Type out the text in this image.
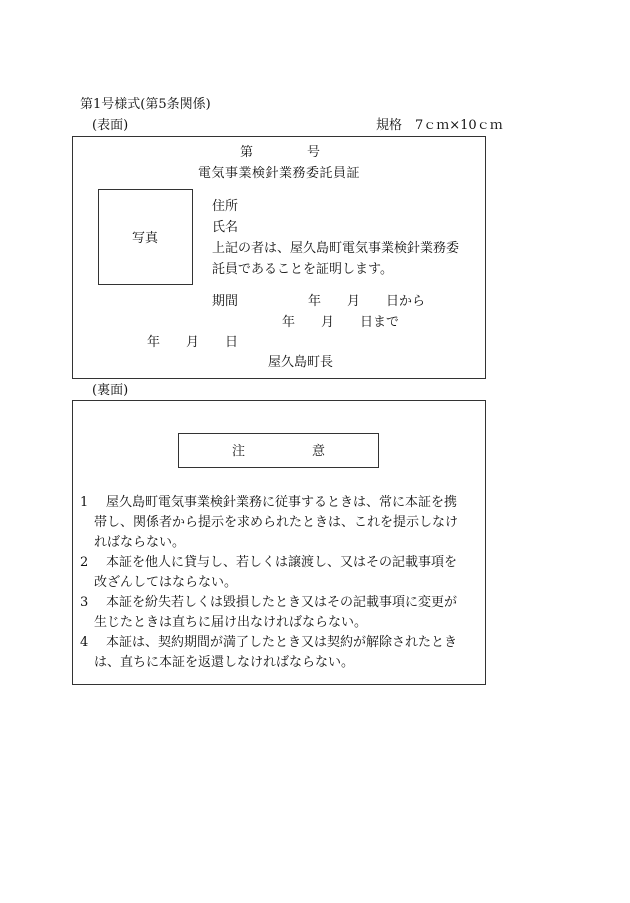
第1号様式(第5条関係)
(表面)	規格　7ｃｍ×10ｃｍ
第	号
電気事業検針業務委託員証
写真
住所
氏名
上記の者は、屋久島町電気事業検針業務委
託員であることを証明します。
期間	年　　月　　日から
年　　月　　日まで
年　　月　　日
屋久島町長
(裏面)
注	意
1 屋久島町電気事業検針業務に従事するときは、常に本証を携
帯し、関係者から提示を求められたときは、これを提示しなけ
ればならない。
2 本証を他人に貸与し、若しくは譲渡し、又はその記載事項を
改ざんしてはならない。
3 本証を紛失若しくは毀損したとき又はその記載事項に変更が
生じたときは直ちに届け出なければならない。
4 本証は、契約期間が満了したとき又は契約が解除されたとき
は、直ちに本証を返還しなければならない。
